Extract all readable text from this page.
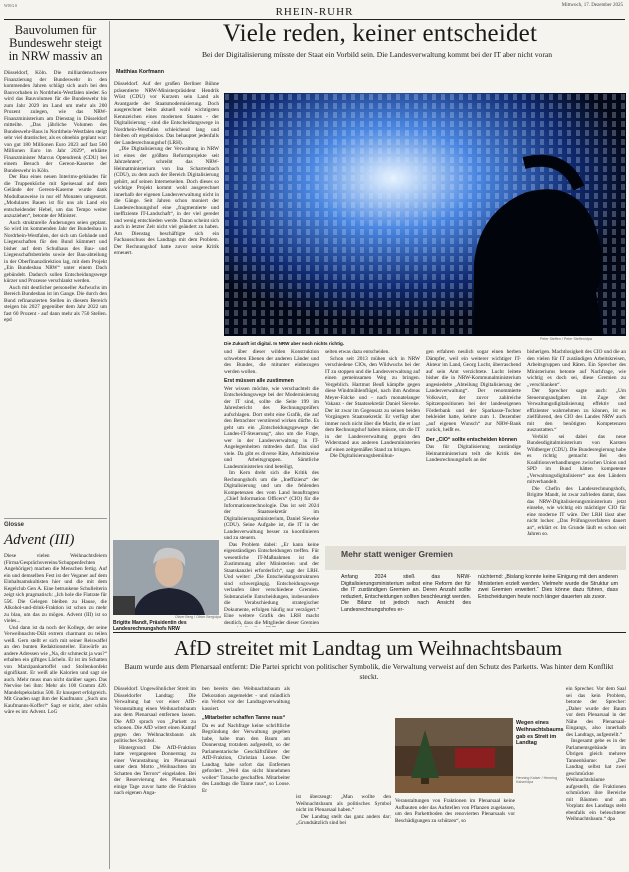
WRGS
RHEIN-RUHR
Mittwoch, 17. Dezember 2025
Bauvolumen für Bundeswehr steigt in NRW massiv an

Düsseldorf, Köln. Die milliardenschwere Finanzierung der Bundeswehr in den kommenden Jahren schlägt sich auch bei den Bauvorhaben in Nordrhein-Westfalen nieder. So wird das Bauvolumen für die Bundeswehr bis zum Jahr 2029 im Land um mehr als 200 Prozent zulegen, wie das NRW-Finanzministerium am Dienstag in Düsseldorf mitteilte. „Das jährliche Volumen des Bundeswehr-Baus in Nordrhein-Westfalen steigt sehr viel drastischer, als es ohnehin geplant war: von gut 180 Millionen Euro 2023 auf fast 560 Millionen Euro im Jahr 2029“, erklärte Finanzminister Marcus Optendrenk (CDU) bei einem Besuch der Gereon-Kaserne der Bundeswehr in Köln.

Der Bau eines neuen Interims-gebäudes für die Truppenküche mit Speisesaal auf dem Gelände der Gereon-Kaserne wurde dank Modulbauweise in nur elf Monaten umgesetzt. „Modulares Bauen ist für uns als Land ein entscheidender Hebel, um das Tempo weiter anzuziehen“, betonte der Minister.

Auch strukturelle Änderungen seien geplant. So wird im kommenden Jahr der Bundesbau in Nordrhein-Westfalen, der sich um Gebäude und Liegenschaften für den Bund kümmert und bisher auf dem Schulhaus des Bau- und Liegenschaftsbetriebs sowie der Bau-abteilung in der Oberfinanzdirektion lag, mit dem Projekt „Ein Bundesbau NRW“ unter einem Dach gebündelt. Dadurch sollen Entscheidungswege kürzer und Prozesse verschlankt werden.

Auch mit deutlicher personeller Aufwuchs im Bereich Bundesbau ist im Gange. Die durch den Bund refinanzierten Stellen in diesem Bereich steigen bis 2027 gegenüber dem Jahr 2022 um fast 60 Prozent - auf dann mehr als 750 Stellen. epd

Glosse
Advent (III)

Diese vielen Weihnachtsfeiern (Firma/Gesprächsvereins/Schuppenfechten Angehöriger) machen die Menschen fertig. Auf ein und demselben Fest ist der Veganer auf dem Einhaltsamskultisten hier und die mit dem Kegelclub Gen A. Eine betrunkene Schulleiterin zeigt sich pragmatisch: „Ich hole die Flatrate für 55€. Die Gelegen bleiben zu Hause, die Alkohol-und-drink-Fraktion ist schon zu mehr zu blau, um das zu mögen. Advent (III) ist so vieles...

Und dann ist da noch der Kollege, der seine Verweihnachts-Diät extrem charmant zu teilen weiß. Gern stellt er sich mit seiner Reiswaffel an den bunten Redaktionsteller. Einwürfe an andere Adressen wie „Na, dir schmeckt ja was?“ erhalten ein giftiges Lächeln. Er ist im Schatten von Marzipankartoffel und Stollenkonfekt signifikant. Er weiß alle Kalorien und sagt sie auch. Mehr muss man nicht darüber sagen. Das Nervöse bei ihm: Mehr als 100 Gramm 420. Mandelspekulatius 500. Er knuspert erfolgreich. Mit Gnaden sagt ihm der Kaufmann: „Such uns Kaufmanns-Koffer!“ Sagt er nicht, aber schön wäre es im: Advent. LoG

Viele reden, keiner entscheidet
Bei der Digitalisierung müsste der Staat ein Vorbild sein. Die Landesverwaltung kommt bei der IT aber nicht voran
Matthias Korfmann

Düsseldorf. Auf der großen Berliner Bühne präsentierte NRW-Ministerpräsident Hendrik Wüst (CDU) vor Kurzem sein Land als Avantgarde der Staatsmodernisierung. Doch ausgerechnet beim aktuell wohl wichtigsten Kennzeichen eines modernen Staates - der Digitalisierung - sind die Entscheidungswege in Nordrhein-Westfalen schleichend lang und bleiben oft ergebnislos. Das behauptet jedenfalls der Landesrechnungshof (LRH).

„Die Digitalisierung der Verwaltung in NRW ist eines der größten Reformprojekte seit Jahrzehnten“, schreibt das NRW-Heimatministerium von Ina Scharrenbach (CDU), zu dem auch der Bereich Digitalisierung gehört, auf seinen Internetseiten. Doch dieses so wichtige Projekt kommt wohl ausgerechnet innerhalb der eigenen Landesverwaltung nicht in die Gänge. Seit Jahren schon moniert der Landesrechnungshof eine „fragmentierte und ineffiziente IT-Landschaft“, in der viel geredet und wenig entschieden werde. Daran scheint sich auch in letzter Zeit nicht viel geändert zu haben. Am Dienstag beschäftigte sich ein Fachausschuss des Landtags mit dem Problem. Der Rechnungshof hatte zuvor seine Kritik erneuert.

Peter Steffen / Peter Steffen/dpa
Die Zukunft ist digital. In NRW aber noch nichts richtig.

und über dieser wilden Konstruktion schwebten Ebenen der anderen Länder und des Bundes, die mitunter einbezogen werden wollen.

Erst müssen alle zustimmen

Wer wissen möchte, wie verschachtelt die Entscheidungswege bei der Modernisierung der IT sind, sollte die Seite 199 im Jahresbericht des Rechnungsprüfers aufschlagen. Dort steht eine Grafik, die auf den Betrachter verstörend wirken dürfte. Es geht um ein „Entscheidungsgewege der Landes-IT-Steuerung“, also um die Frage, wer in der Landesverwaltung in IT-Angelegenheiten mitreden darf. Das sind viele. Da gibt es diverse Räte, Arbeitskreise und Arbeitsgruppen. Sämtliche Landesministerien sind beteiligt,

Im Kern dreht sich die Kritik des Rechnungshofs um die „Ineffizienz“ der Digitalisierung und um die fehlenden Kompetenzen des vom Land beauftragten „Chief Information Officers“ (CIO) für die Informationstechnologie. Das ist seit 2024 der Staatssekretär im Digitalisierungsministerium, Daniel Sieveke (CDU). Seine Aufgabe ist, die IT in der Landesverwaltung besser zu koordinieren und zu steuern.

Das Problem dabei: „Er kann keine eigenständigen Entscheidungen treffen. Für wesentliche IT-Maßnahmen ist die Zustimmung aller Ministerien und der Staatskanzlei erforderlich“, sagt der LRH. Und weiter: „Die Entscheidungsstrukturen sind schwergängig. Entscheidungswege verlaufen über verschiedene Gremien. Substanzielle Entscheidungen, insbesondere die Verabschiedung strategischer Dokumente, erfolgen häufig nur verzögert.“ Eine weitere Grafik des LRH macht deutlich, dass die Mitglieder dieser Gremien

selten etwas dazu entscheiden.

Schon seit 2013 mühen sich in NRW verschiedene CIOs, den Wildwuchs bei der IT zu stoppen und die Landesverwaltung auf einen gemeinsamen Weg zu bringen. Vergeblich. Hartmut Beuß kämpfte gegen diese Windmühlenflügel, nach ihm Andreas Meyer-Falcke und - nach monatelanger Vakanz - der Staatssekretär Daniel Sieveke. Der ist zwar im Gegensatz zu seinen beiden Vorgängern Staatssekretär. Er verfügt aber immer noch nicht über die Macht, die er laut dem Rechnungshof haben müsste, um die IT in der Landesverwaltung gegen den Widerstand aus anderen Landesministerien auf einen zeitgemäßen Stand zu bringen.

Die Digitalisierungsbemühun-

gen erfahren neulich sogar einen herben Dämpfer, weil ein weiterer wichtiger IT-Akteur im Land, Georg Lucht, überraschend auf sein Amt verzichtete. Lucht leitete bisher die in NRW-Kommunalministerium angesiedelte „Abteilung Digitalisierung der Landesverwaltung“. Der renommierte Volkswirt, der zuvor zahlreiche Spitzenpositionen bei der landeseigenen Förderbank und der Sparkasse-Tochter bekleidet hatte, kehrte zum 1. Dezember „auf eigenen Wunsch“ zur NRW-Bank zurück, heißt es.

Der „CIO“ sollte entscheiden können

Das für Digitalisierung zuständige Heimatministerium teilt die Kritik des Landesrechnungshofs an der

bisherigen. Machtlosigkeit des CIO und die an den vielen für IT zuständigen Arbeitskreisen, Arbeitsgruppen und Räten. Ein Sprecher des Ministeriums betonte auf Nachfrage, wie wichtig es doch sei, diese Gremien zu „verschlanken“.

Der Sprecher sagte auch: „Um Steuerungsaufgaben im Zuge der Verwaltungsdigitalisierung effektiv und effizienter wahrnehmen zu können, ist es zielführend, den CIO des Landes NRW auch mit den benötigten Kompetenzen auszustatten.“

Verbild sei dabei das neue Bundesdigitalministerium von Karsten Wildberger (CDU). Die Bundesregierung habe es richtig gemacht: Bei den Koalitionsverhandlungen zwischen Union und SPD im Bund hätten kompetente „Verwaltungsdigitalisierer“ aus den Ländern mitverhandelt.

Die Chefin des Landesrechnungshofs, Brigitte Mandt, ist zwar zufrieden damit, dass das NRW-Digitalisierungsministerium jetzt einsehe, wie wichtig ein mächtiger CIO für eine moderne IT wäre. Der LRH lässt aber nicht locker. „Das Prüfungsverfahren dauert an“, erklärt er. Im Grunde läuft es schon seit Jahren so.

Oliver Berg / Oliver Berg/dpa
Brigitte Mandt, Präsidentin des Landesrechnungshofs NRW
Mehr statt weniger Gremien

Anfang 2024 stieß das NRW-Digitalisierungsministerium selbst eine Reform der für die IT zuständigen Gremien an. Deren Anzahl sollte reduziert, Entscheidungen sollten beschleunigt werden. Die Bilanz ist jedoch nach Ansicht des Landesrechnungshofes er-

nüchternd: „Bislang konnte keine Einigung mit den anderen Ministerien erzielt werden. Vielmehr wurde die Struktur um zwei Gremien erweitert.“ Dies könne dazu führen, dass Entscheidungen heute noch länger dauerten als zuvor.

AfD streitet mit Landtag um Weihnachtsbaum
Baum wurde aus dem Plenarsaal entfernt: Die Partei spricht von politischer Symbolik, die Verwaltung verweist auf den Schutz des Parketts. Was hinter dem Konflikt steckt.

Düsseldorf. Ungewöhnlicher Streit im Düsseldorfer Landtag: Die Verwaltung hat vor einer AfD-Veranstaltung einen Weihnachtsbaum aus dem Plenarsaal entfernen lassen. Die AfD sprach von „Parkett zu schonen. Die AfD witert einen Kampf gegen den Weihnachtsbaum als politisches Symbol.

Hintergrund: Die AfD-Fraktion hatte vergangenen Donnerstag zu einer Veranstaltung im Plenarsaal unter dem Motto „Weihnachten im Schatten des Terrors“ eingeladen. Bei der Reservierung des Plenarsaals einige Tage zuvor hatte die Fraktion nach eigenen Anga-

ben bereits den Weihnachtsbaum als Dekoration angemeldet - und mündlich ein Verbot vor der Landtagsverwaltung kassiert.

„Mitarbeiter schaffen Tanne raus“

Da es auf Nachfrage keine schriftliche Begründung der Verwaltung gegeben habe, habe man den Baum am Donnerstag trotzdem aufgestellt, so der Parlamentarische Geschäftsführer der AfD-Fraktion, Christian Loose. Der Landtag habe sofort das Entfernen gefordert. „Weil das nicht hinnehmen wollen“ Tatsache geschaffen. Mitarbeiter des Landtags die Tanne raus“, so Loose. Er

Wegen eines Weihnachtsbaums gab es Streit im Landtag
Henning Kaiser / Henning Kaiser/dpa

ist überzeugt: „Man wollte den Weihnachtsbaum als politisches Symbol nicht im Plenarsaal haben.“

Der Landtag stellt das ganz anders dar: „Grundsätzlich sind bei

Veranstaltungen von Fraktionen im Plenarsaal keine Aufbauten oder das Aufstellen von Pflanzen zugelassen, um den Parkettboden des renovierten Plenarsaals vor Beschädigungen zu schützen“, so

ein Sprecher. Vor dem Saal sei das kein Problem, betonte der Sprecher: „Daher wurde der Baum vor dem Plenarsaal in der Nähe des Plenarsaal-Eingangs, also innerhalb des Landtags, aufgestellt.“

Insgesamt gebe es in der Parlamentsgebäude im Übrigen gleich mehrere Tannenbäume: „Der Landtag selbst hat zwei geschmückte Weihnachtsbäume aufgestellt, die Fraktionen schmücken ihre Bereiche mit Bäumen und am Vorplatz des Landtags steht ebenfalls ein beleuchteter Weihnachtsbaum.“ dpa
